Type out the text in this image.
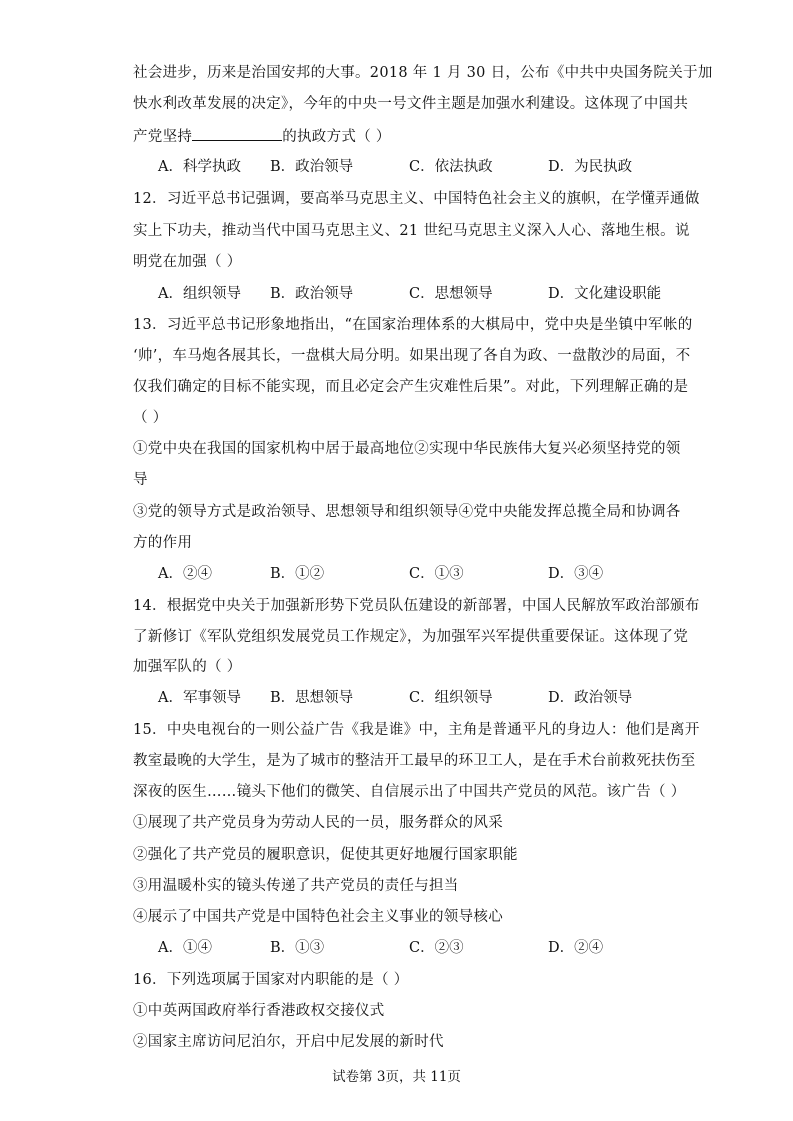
社会进步，历来是治国安邦的大事。2018 年 1 月 30 日，公布《中共中央国务院关于加
快水利改革发展的决定》，今年的中央一号文件主题是加强水利建设。这体现了中国共
产党坚持	的执政方式（ ）
A．科学执政 B．政治领导	C．依法执政	D．为民执政
12．习近平总书记强调，要高举马克思主义、中国特色社会主义的旗帜，在学懂弄通做
实上下功夫，推动当代中国马克思主义、21 世纪马克思主义深入人心、落地生根。说
明党在加强（ ）
A．组织领导 B．政治领导	C．思想领导	D．文化建设职能
13．习近平总书记形象地指出，“在国家治理体系的大棋局中，党中央是坐镇中军帐的
‘帅’，车马炮各展其长，一盘棋大局分明。如果出现了各自为政、一盘散沙的局面，不
仅我们确定的目标不能实现，而且必定会产生灾难性后果”。对此，下列理解正确的是
（ ）
①党中央在我国的国家机构中居于最高地位②实现中华民族伟大复兴必须坚持党的领
导
③党的领导方式是政治领导、思想领导和组织领导④党中央能发挥总揽全局和协调各
方的作用
A．②④	B．①②	C．①③	D．③④
14．根据党中央关于加强新形势下党员队伍建设的新部署，中国人民解放军政治部颁布
了新修订《军队党组织发展党员工作规定》，为加强军兴军提供重要保证。这体现了党
加强军队的（ ）
A．军事领导 B．思想领导	C．组织领导	D．政治领导
15．中央电视台的一则公益广告《我是谁》中，主角是普通平凡的身边人：他们是离开
教室最晚的大学生，是为了城市的整洁开工最早的环卫工人，是在手术台前救死扶伤至
深夜的医生……镜头下他们的微笑、自信展示出了中国共产党员的风范。该广告（ ）
①展现了共产党员身为劳动人民的一员，服务群众的风采
②强化了共产党员的履职意识，促使其更好地履行国家职能
③用温暖朴实的镜头传递了共产党员的责任与担当
④展示了中国共产党是中国特色社会主义事业的领导核心
A．①④	B．①③	C．②③	D．②④
16．下列选项属于国家对内职能的是（ ）
①中英两国政府举行香港政权交接仪式
②国家主席访问尼泊尔，开启中尼发展的新时代
试卷第 3页，共 11页
